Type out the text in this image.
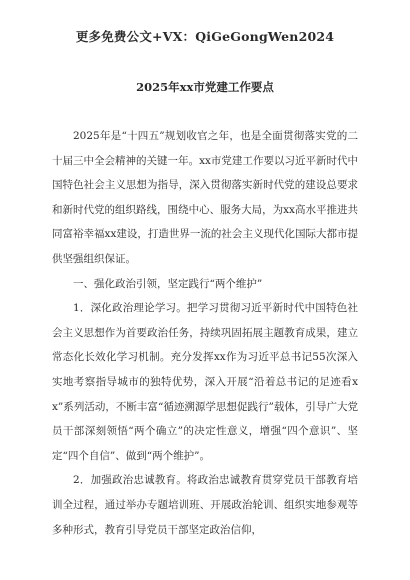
更多免费公文+VX：QiGeGongWen2024
2025年xx市党建工作要点

2025年是“十四五”规划收官之年，也是全面贯彻落实党的二十届三中全会精神的关键一年。xx市党建工作要以习近平新时代中国特色社会主义思想为指导，深入贯彻落实新时代党的建设总要求和新时代党的组织路线，围绕中心、服务大局，为xx高水平推进共同富裕幸福xx建设，打造世界一流的社会主义现代化国际大都市提供坚强组织保证。

一、强化政治引领，坚定践行“两个维护”

1．深化政治理论学习。把学习贯彻习近平新时代中国特色社会主义思想作为首要政治任务，持续巩固拓展主题教育成果，建立常态化长效化学习机制。充分发挥xx作为习近平总书记55次深入实地考察指导城市的独特优势，深入开展“沿着总书记的足迹看xx”系列活动，不断丰富“循迹溯源学思想促践行”载体，引导广大党员干部深刻领悟“两个确立”的决定性意义，增强“四个意识”、坚定“四个自信”、做到“两个维护”。

2．加强政治忠诚教育。将政治忠诚教育贯穿党员干部教育培训全过程，通过举办专题培训班、开展政治轮训、组织实地参观等多种形式，教育引导党员干部坚定政治信仰，
